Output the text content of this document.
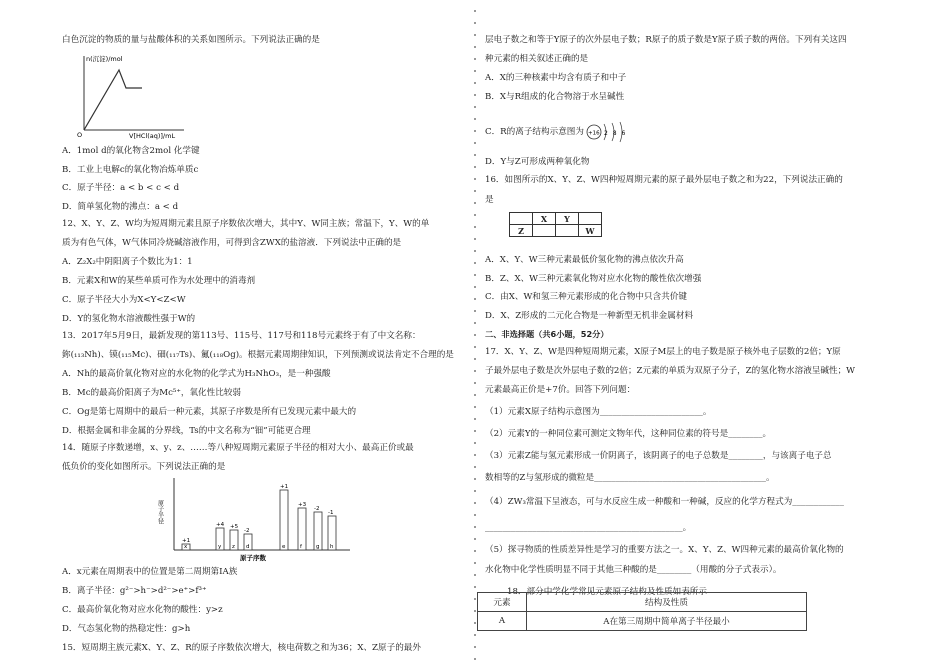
白色沉淀的物质的量与盐酸体积的关系如图所示。下列说法正确的是

n(沉淀)/mol
V[HCl(aq)]/mL
O

A．1mol d的氧化物含2mol 化学键

B．工业上电解c的氧化物冶炼单质c

C．原子半径：a < b < c < d

D．简单氢化物的沸点：a < d

12、X、Y、Z、W均为短周期元素且原子序数依次增大，其中Y、W同主族；常温下，Y、W的单

质为有色气体，W气体同冷烧碱溶液作用，可得到含ZWX的盐溶液．下列说法中正确的是

A．Z₂X₂中阴阳离子个数比为1：1

B．元素X和W的某些单质可作为水处理中的消毒剂

C．原子半径大小为X<Y<Z<W

D．Y的氢化物水溶液酸性强于W的

13．2017年5月9日，最新发现的第113号、115号、117号和118号元素终于有了中文名称：

鉨(₁₁₃Nh)、镆(₁₁₅Mc)、鿬(₁₁₇Ts)、鿫(₁₁₈Og)。根据元素周期律知识，下列预测或说法肯定不合理的是

A．Nh的最高价氧化物对应的水化物的化学式为H₃NhO₃，是一种强酸

B．Mc的最高价阳离子为Mc⁵⁺，氧化性比较弱

C．Og是第七周期中的最后一种元素，其原子序数是所有已发现元素中最大的

D．根据金属和非金属的分界线，Ts的中文名称为“钿”可能更合理

14．随原子序数递增，x、y、z、……等八种短周期元素原子半径的相对大小、最高正价或最

低负价的变化如图所示。下列说法正确的是

原子半径
原子序数
+1
x
+4
y
+5
z
-2
d
+1
e
+3
f
-2
g
-1
h

A．x元素在周期表中的位置是第二周期第ⅠA族

B．离子半径：g²⁻>h⁻>d²⁻>e⁺>f³⁺

C．最高价氧化物对应水化物的酸性：y>z

D．气态氢化物的热稳定性：g>h

15．短周期主族元素X、Y、Z、R的原子序数依次增大，核电荷数之和为36；X、Z原子的最外

层电子数之和等于Y原子的次外层电子数；R原子的质子数是Y原子质子数的两倍。下列有关这四

种元素的相关叙述正确的是

A．X的三种核素中均含有质子和中子

B．X与R组成的化合物溶于水呈碱性

C．R的离子结构示意图为 +16 2 8 6

D．Y与Z可形成两种氧化物

16．如图所示的X、Y、Z、W四种短周期元素的原子最外层电子数之和为22，下列说法正确的

是

	X	Y	
Z			W

A．X、Y、W三种元素最低价氢化物的沸点依次升高

B．Z、X、W三种元素氧化物对应水化物的酸性依次增强

C．由X、W和氢三种元素形成的化合物中只含共价键

D．X、Z形成的二元化合物是一种新型无机非金属材料

二、非选择题（共6小题，52分）

17．X、Y、Z、W是四种短周期元素，X原子M层上的电子数是原子核外电子层数的2倍；Y原

子最外层电子数是次外层电子数的2倍；Z元素的单质为双原子分子，Z的氢化物水溶液呈碱性；W

元素最高正价是+7价。回答下列问题：

（1）元素X原子结构示意图为________________________。

（2）元素Y的一种同位素可测定文物年代，这种同位素的符号是________。

（3）元素Z能与氢元素形成一价阴离子，该阴离子的电子总数是________，与该离子电子总

数相等的Z与氢形成的微粒是________________________________________。

（4）ZW₃常温下呈液态，可与水反应生成一种酸和一种碱，反应的化学方程式为____________

______________________________________________。

（5）探寻物质的性质差异性是学习的重要方法之一。X、Y、Z、W四种元素的最高价氧化物的

水化物中化学性质明显不同于其他三种酸的是________（用酸的分子式表示）。

18．部分中学化学常见元素原子结构及性质如表所示

元素	结构及性质
A	A在第三周期中简单离子半径最小
